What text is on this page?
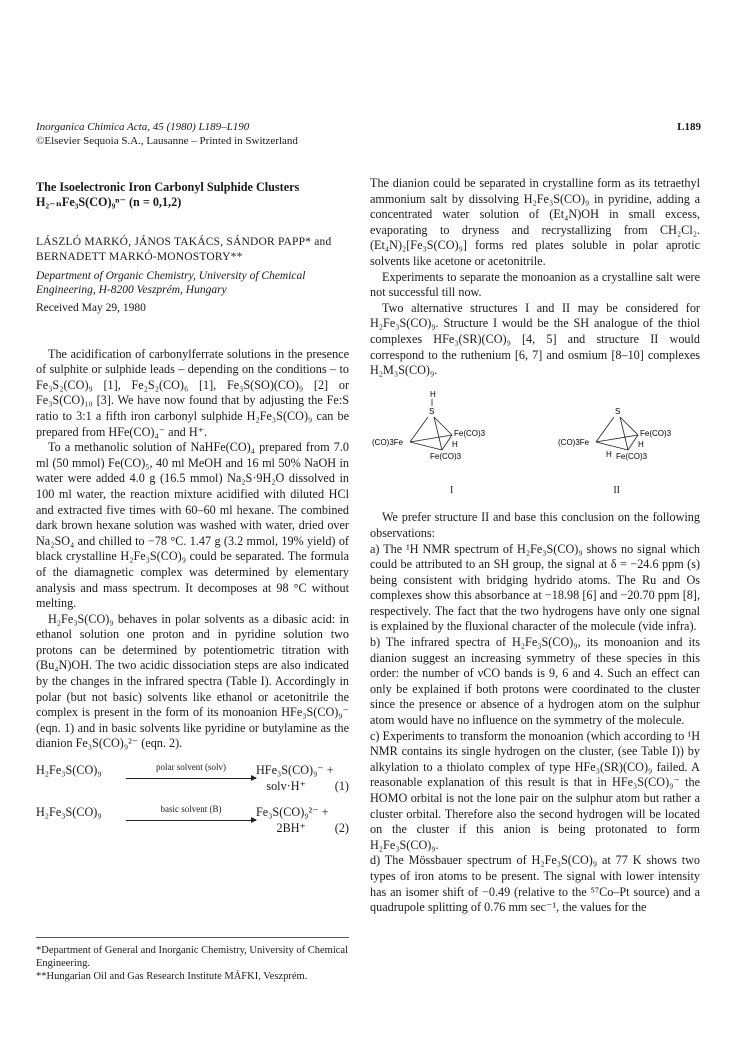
Inorganica Chimica Acta, 45 (1980) L189–L190
©Elsevier Sequoia S.A., Lausanne – Printed in Switzerland
L189
The Isoelectronic Iron Carbonyl Sulphide Clusters
H₂₋ₙFe₃S(CO)₉ⁿ⁻ (n = 0,1,2)
LÁSZLÓ MARKÓ, JÁNOS TAKÁCS, SÁNDOR PAPP* and BERNADETT MARKÓ-MONOSTORY**
Department of Organic Chemistry, University of Chemical Engineering, H-8200 Veszprém, Hungary
Received May 29, 1980

The acidification of carbonylferrate solutions in the presence of sulphite or sulphide leads – depending on the conditions – to Fe₃S₂(CO)₉ [1], Fe₂S₂(CO)₆ [1], Fe₃S(SO)(CO)₉ [2] or Fe₃S(CO)₁₀ [3]. We have now found that by adjusting the Fe:S ratio to 3:1 a fifth iron carbonyl sulphide H₂Fe₃S(CO)₉ can be prepared from HFe(CO)₄⁻ and H⁺.

To a methanolic solution of NaHFe(CO)₄ prepared from 7.0 ml (50 mmol) Fe(CO)₅, 40 ml MeOH and 16 ml 50% NaOH in water were added 4.0 g (16.5 mmol) Na₂S·9H₂O dissolved in 100 ml water, the reaction mixture acidified with diluted HCl and extracted five times with 60–60 ml hexane. The combined dark brown hexane solution was washed with water, dried over Na₂SO₄ and chilled to −78 °C. 1.47 g (3.2 mmol, 19% yield) of black crystalline H₂Fe₃S(CO)₉ could be separated. The formula of the diamagnetic complex was determined by elementary analysis and mass spectrum. It decomposes at 98 °C without melting.

H₂Fe₃S(CO)₉ behaves in polar solvents as a dibasic acid: in ethanol solution one proton and in pyridine solution two protons can be determined by potentiometric titration with (Bu₄N)OH. The two acidic dissociation steps are also indicated by the changes in the infrared spectra (Table I). Accordingly in polar (but not basic) solvents like ethanol or acetonitrile the complex is present in the form of its monoanion HFe₃S(CO)₉⁻ (eqn. 1) and in basic solvents like pyridine or butylamine as the dianion Fe₃S(CO)₉²⁻ (eqn. 2).

H₂Fe₃S(CO)₉	polar solvent (solv)	HFe₃S(CO)₉⁻ +
solv·H⁺ (1)
H₂Fe₃S(CO)₉	basic solvent (B)	Fe₃S(CO)₉²⁻ +
2BH⁺ (2)
*Department of General and Inorganic Chemistry, University of Chemical Engineering.
**Hungarian Oil and Gas Research Institute MÁFKI, Veszprém.

The dianion could be separated in crystalline form as its tetraethyl ammonium salt by dissolving H₂Fe₃S(CO)₉ in pyridine, adding a concentrated water solution of (Et₄N)OH in small excess, evaporating to dryness and recrystallizing from CH₂Cl₂. (Et₄N)₂[Fe₃S(CO)₉] forms red plates soluble in polar aprotic solvents like acetone or acetonitrile.

Experiments to separate the monoanion as a crystalline salt were not successful till now.

Two alternative structures I and II may be considered for H₂Fe₃S(CO)₉. Structure I would be the SH analogue of the thiol complexes HFe₃(SR)(CO)₉ [4, 5] and structure II would correspond to the ruthenium [6, 7] and osmium [8–10] complexes H₂M₃S(CO)₉.

H
S
Fe(CO)3
(CO)3Fe
Fe(CO)3
H
S
Fe(CO)3
(CO)3Fe
Fe(CO)3
H
H
I	II

We prefer structure II and base this conclusion on the following observations:

a) The ¹H NMR spectrum of H₂Fe₃S(CO)₉ shows no signal which could be attributed to an SH group, the signal at δ = −24.6 ppm (s) being consistent with bridging hydrido atoms. The Ru and Os complexes show this absorbance at −18.98 [6] and −20.70 ppm [8], respectively. The fact that the two hydrogens have only one signal is explained by the fluxional character of the molecule (vide infra).

b) The infrared spectra of H₂Fe₃S(CO)₉, its monoanion and its dianion suggest an increasing symmetry of these species in this order: the number of νCO bands is 9, 6 and 4. Such an effect can only be explained if both protons were coordinated to the cluster since the presence or absence of a hydrogen atom on the sulphur atom would have no influence on the symmetry of the molecule.

c) Experiments to transform the monoanion (which according to ¹H NMR contains its single hydrogen on the cluster, (see Table I)) by alkylation to a thiolato complex of type HFe₃(SR)(CO)₉ failed. A reasonable explanation of this result is that in HFe₃S(CO)₉⁻ the HOMO orbital is not the lone pair on the sulphur atom but rather a cluster orbital. Therefore also the second hydrogen will be located on the cluster if this anion is being protonated to form H₂Fe₃S(CO)₉.

d) The Mössbauer spectrum of H₂Fe₃S(CO)₉ at 77 K shows two types of iron atoms to be present. The signal with lower intensity has an isomer shift of −0.49 (relative to the ⁵⁷Co–Pt source) and a quadrupole splitting of 0.76 mm sec⁻¹, the values for the
